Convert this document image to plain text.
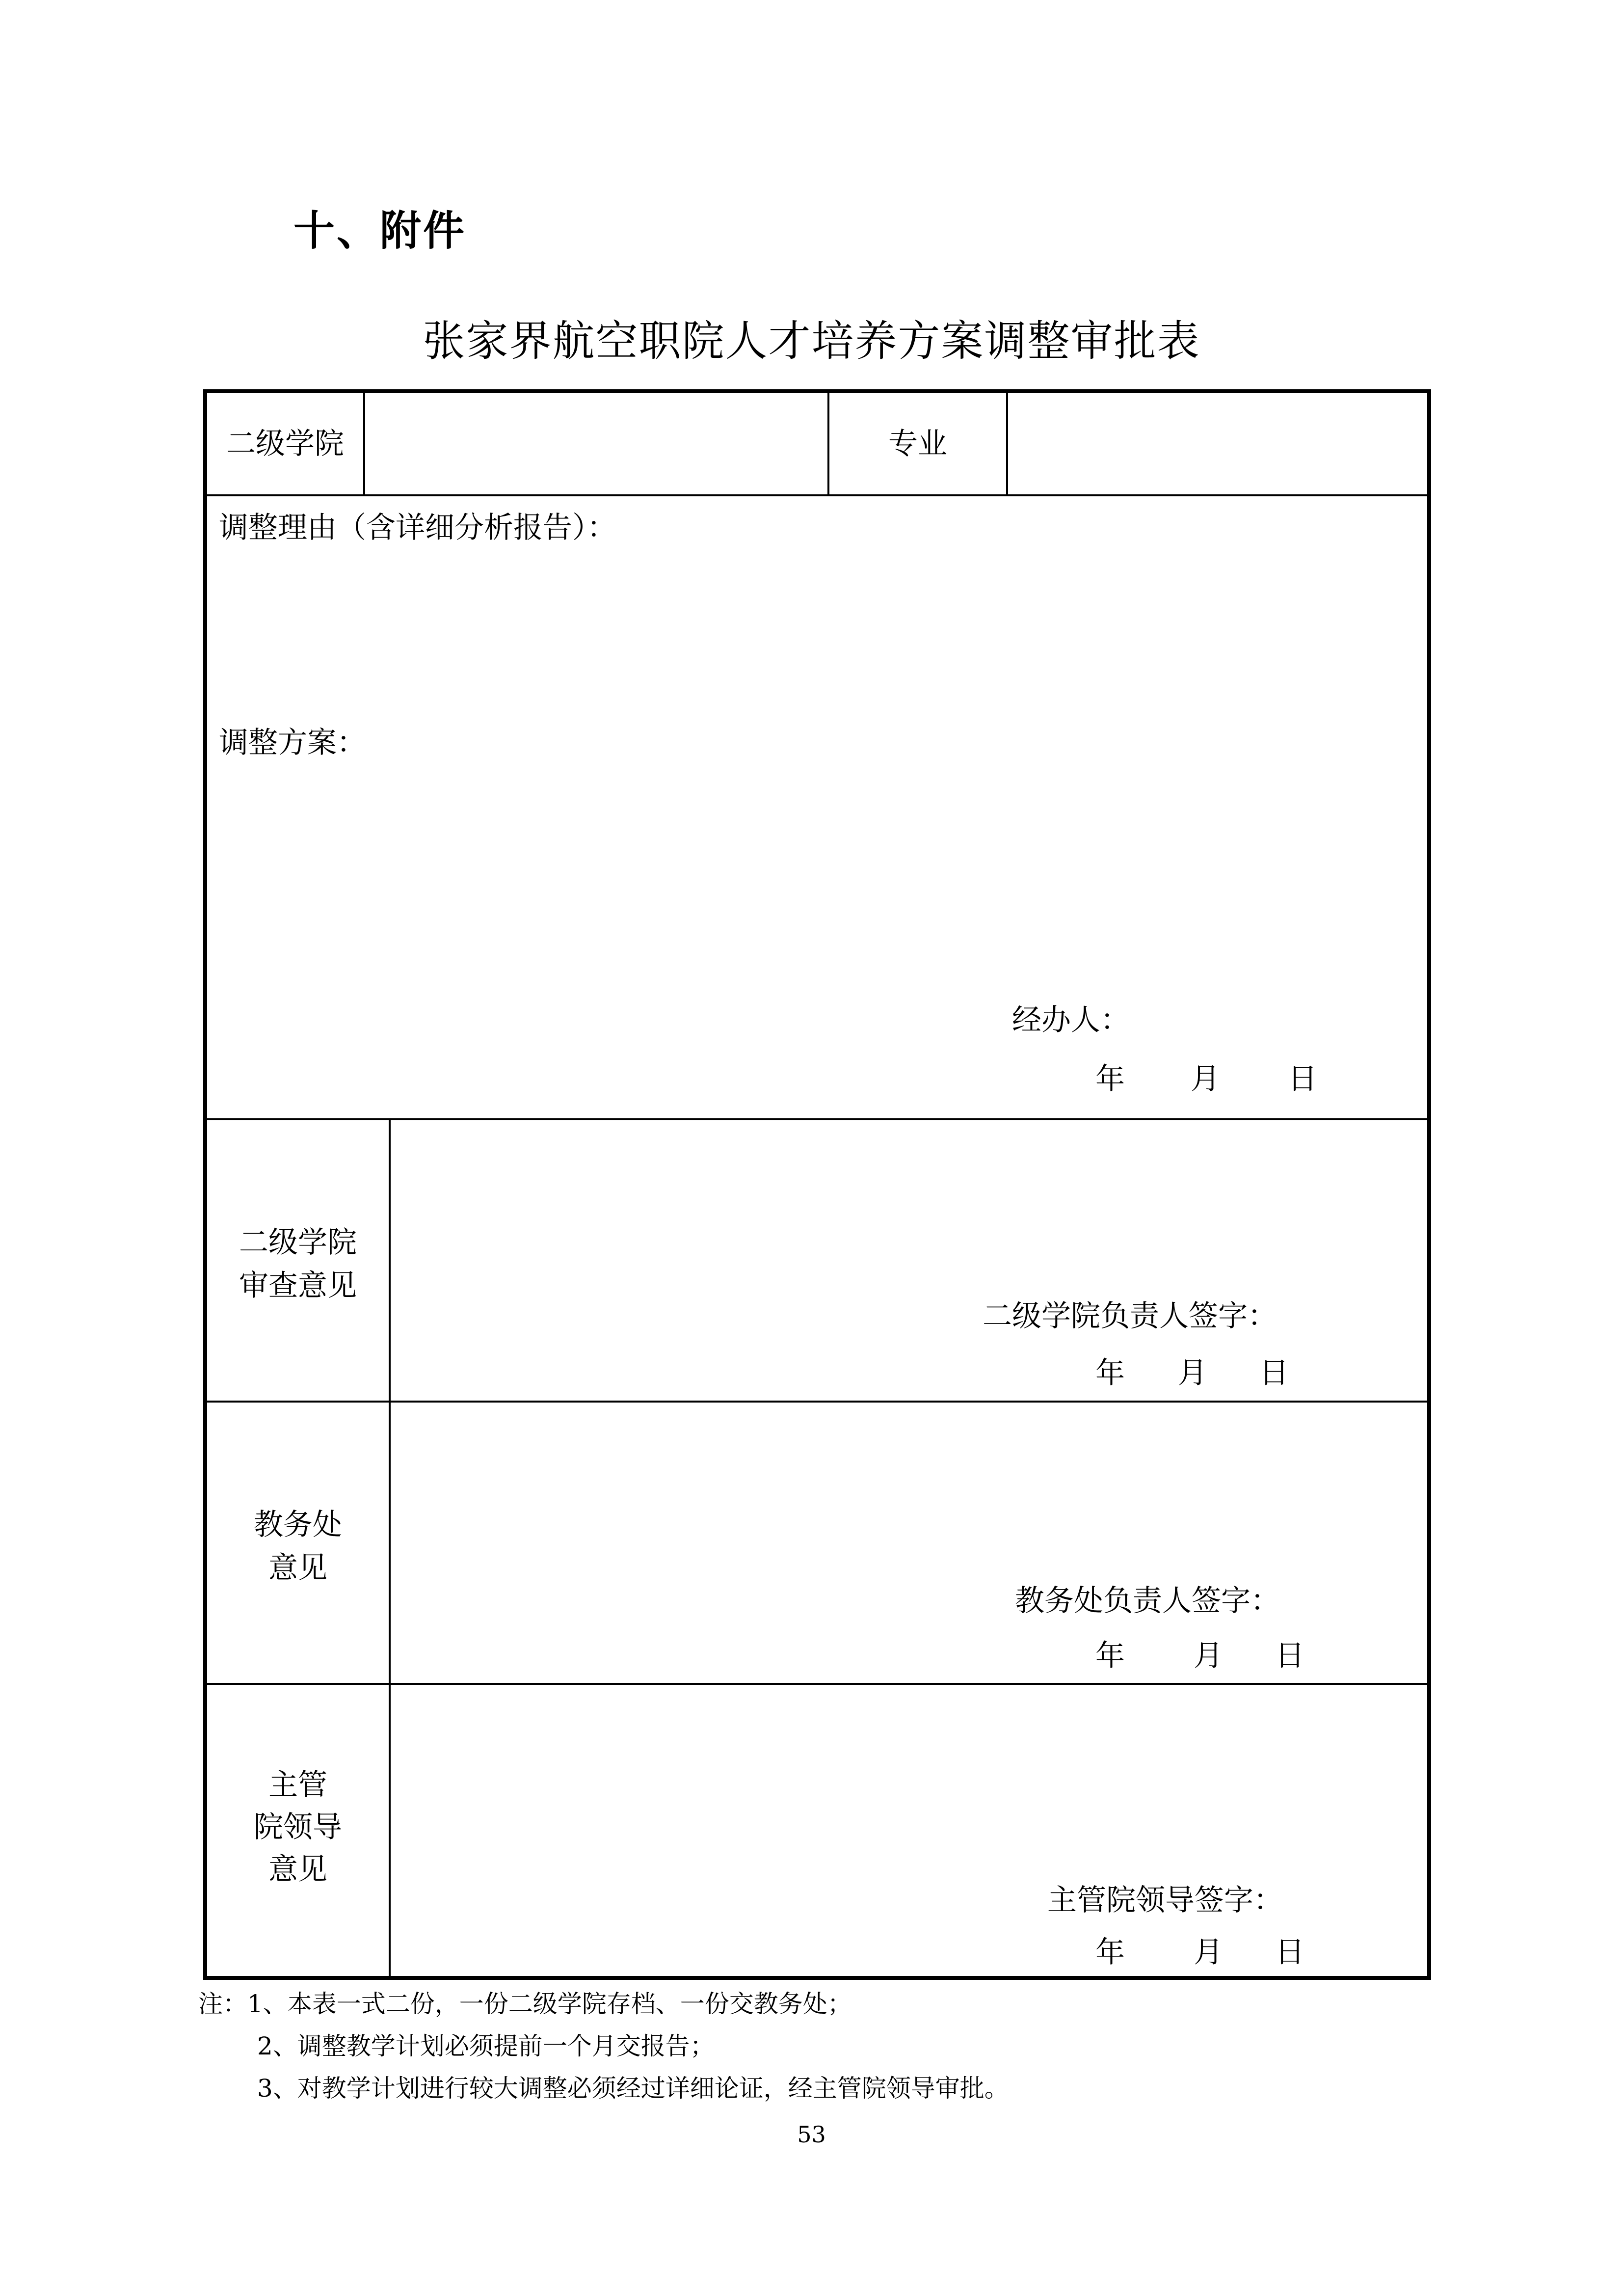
十、附件
张家界航空职院人才培养方案调整审批表
二级学院	专业
调整理由（含详细分析报告）：
调整方案：
经办人：
年 月 日
二级学院
审查意见
二级学院负责人签字：
年 月 日
教务处
意见
教务处负责人签字：
年 月 日
主管
院领导
意见
主管院领导签字：
年 月 日
注：1、本表一式二份，一份二级学院存档、一份交教务处；
2、调整教学计划必须提前一个月交报告；
3、对教学计划进行较大调整必须经过详细论证，经主管院领导审批。
53
